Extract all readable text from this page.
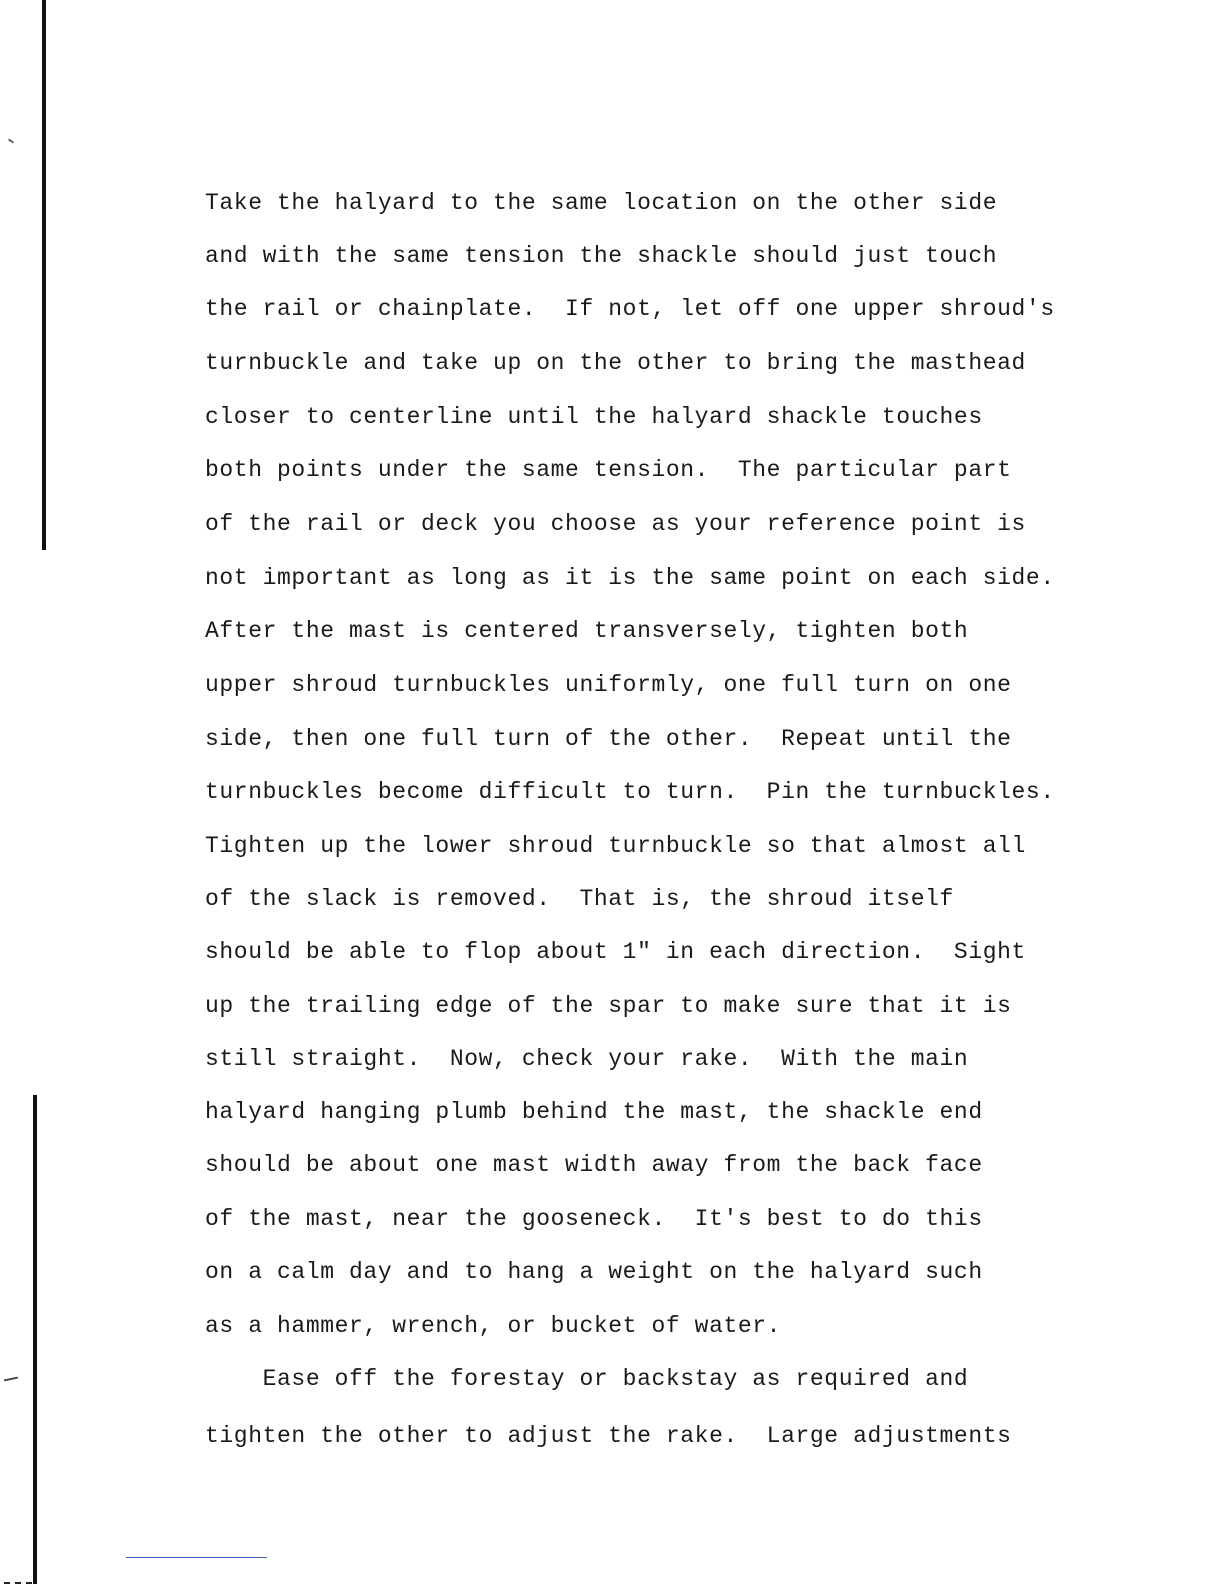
Take the halyard to the same location on the other side
and with the same tension the shackle should just touch
the rail or chainplate.  If not, let off one upper shroud's
turnbuckle and take up on the other to bring the masthead
closer to centerline until the halyard shackle touches
both points under the same tension.  The particular part
of the rail or deck you choose as your reference point is
not important as long as it is the same point on each side.
After the mast is centered transversely, tighten both
upper shroud turnbuckles uniformly, one full turn on one
side, then one full turn of the other.  Repeat until the
turnbuckles become difficult to turn.  Pin the turnbuckles.
Tighten up the lower shroud turnbuckle so that almost all
of the slack is removed.  That is, the shroud itself
should be able to flop about 1" in each direction.  Sight
up the trailing edge of the spar to make sure that it is
still straight.  Now, check your rake.  With the main
halyard hanging plumb behind the mast, the shackle end
should be about one mast width away from the back face
of the mast, near the gooseneck.  It's best to do this
on a calm day and to hang a weight on the halyard such
as a hammer, wrench, or bucket of water.
Ease off the forestay or backstay as required and
tighten the other to adjust the rake.  Large adjustments
